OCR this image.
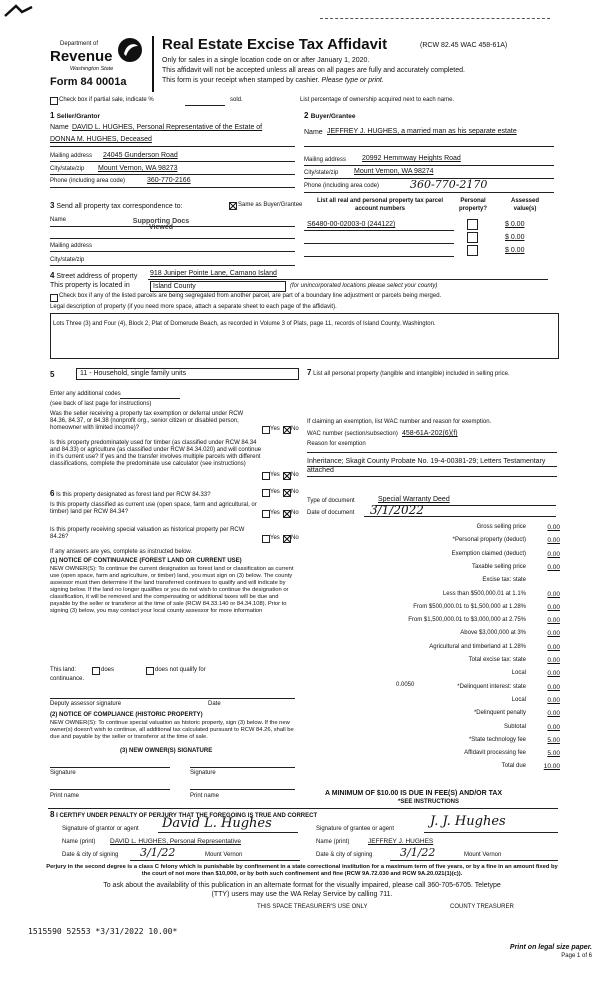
Department of
Revenue
Washington State
Form 84 0001a
Real Estate Excise Tax Affidavit	(RCW 82.45 WAC 458-61A)
Only for sales in a single location code on or after January 1, 2020.
This affidavit will not be accepted unless all areas on all pages are fully and accurately completed.
This form is your receipt when stamped by cashier. Please type or print.
Check box if partial sale, indicate %	sold.	List percentage of ownership acquired next to each name.
1 Seller/Grantor
Name DAVID L. HUGHES, Personal Representative of the Estate of
DONNA M. HUGHES, Deceased
Mailing address 24045 Gunderson Road
City/state/zip Mount Vernon, WA 98273
Phone (including area code)	360-770-2166
2 Buyer/Grantee
Name JEFFREY J. HUGHES, a married man as his separate estate
Mailing address 20992 Hemmway Heights Road
City/state/zip Mount Vernon, WA 98274
Phone (including area code)	360-770-2170
3 Send all property tax correspondence to:	Same as Buyer/Grantee
Name	Supporting Docs Viewed
Mailing address
City/state/zip
List all real and personal property tax parcel account numbers
Personal property?
Assessed value(s)
S6480-00-02003-0 (244122)	$ 0.00
$ 0.00
$ 0.00
4 Street address of property 918 Juniper Pointe Lane, Camano Island
This property is located in	Island County	(for unincorporated locations please select your county)
Check box if any of the listed parcels are being segregated from another parcel, are part of a boundary line adjustment or parcels being merged.
Legal description of property (if you need more space, attach a separate sheet to each page of the affidavit).
Lots Three (3) and Four (4), Block 2, Plat of Domerude Beach, as recorded in Volume 3 of Plats, page 11, records of Island County, Washington.
5	11 - Household, single family units
Enter any additional codes
(see back of last page for instructions)
Was the seller receiving a property tax exemption or deferral under RCW 84.36, 84.37, or 84.38 (nonprofit org., senior citizen or disabled person, homeowner with limited income)?	Yes No
Is this property predominately used for timber (as classified under RCW 84.34 and 84.33) or agriculture (as classified under RCW 84.34.020) and will continue in it's current use? If yes and the transfer involves multiple parcels with different classifications, complete the predominate use calculator (see instructions)
Yes No
6 Is this property designated as forest land per RCW 84.33?	Yes No
Is this property classified as current use (open space, farm and agricultural, or timber) land per RCW 84.34?	Yes No
Is this property receiving special valuation as historical property per RCW 84.26?	Yes No
If any answers are yes, complete as instructed below.
(1) NOTICE OF CONTINUANCE (FOREST LAND OR CURRENT USE)
NEW OWNER(S): To continue the current designation as forest land or classification as current use (open space, farm and agriculture, or timber) land, you must sign on (3) below. The county assessor must then determine if the land transferred continues to qualify and will indicate by signing below. If the land no longer qualifies or you do not wish to continue the designation or classification, it will be removed and the compensating or additional taxes will be due and payable by the seller or transferor at the time of sale (RCW 84.33.140 or 84.34.108). Prior to signing (3) below, you may contact your local county assessor for more information
This land:	does	does not qualify for
continuance.
Deputy assessor signature	Date
(2) NOTICE OF COMPLIANCE (HISTORIC PROPERTY)
NEW OWNER(S): To continue special valuation as historic property, sign (3) below. If the new owner(s) doesn't wish to continue, all additional tax calculated pursuant to RCW 84.26, shall be due and payable by the seller or transferor at the time of sale.
(3) NEW OWNER(S) SIGNATURE
Signature	Signature
Print name	Print name
7 List all personal property (tangible and intangible) included in selling price.
If claiming an exemption, list WAC number and reason for exemption.
WAC number (section/subsection) 458-61A-202(6)(f)
Reason for exemption
Inheritance; Skagit County Probate No. 19-4-00381-29; Letters Testamentary attached
Type of document	Special Warranty Deed
Date of document 3/1/2022
Gross selling price	0.00
*Personal property (deduct)	0.00
Exemption claimed (deduct)	0.00
Taxable selling price	0.00
Excise tax: state
Less than $500,000.01 at 1.1%	0.00
From $500,000.01 to $1,500,000 at 1.28%	0.00
From $1,500,000.01 to $3,000,000 at 2.75%	0.00
Above $3,000,000 at 3%	0.00
Agricultural and timberland at 1.28%	0.00
Total excise tax: state	0.00
Local	0.00
*Delinquent interest: state	0.00
Local	0.00
*Delinquent penalty	0.00
Subtotal	0.00
*State technology fee	5.00
Affidavit processing fee	5.00
Total due	10.00
0.0050
A MINIMUM OF $10.00 IS DUE IN FEE(S) AND/OR TAX
*SEE INSTRUCTIONS
8 I CERTIFY UNDER PENALTY OF PERJURY THAT THE FOREGOING IS TRUE AND CORRECT
Signature of grantor or agent David L. Hughes
Name (print) DAVID L. HUGHES, Personal Representative
Date & city of signing 3/1/22	Mount Vernon
Signature of grantee or agent	J. J. Hughes
Name (print)	JEFFREY J. HUGHES
Date & city of signing	3/1/22	Mount Vernon
Perjury in the second degree is a class C felony which is punishable by confinement in a state correctional institution for a maximum term of five years, or by a fine in an amount fixed by the court of not more than $10,000, or by both such confinement and fine (RCW 9A.72.030 and RCW 9A.20.021(1)(c)).
To ask about the availability of this publication in an alternate format for the visually impaired, please call 360-705-6705. Teletype
(TTY) users may use the WA Relay Service by calling 711.
THIS SPACE TREASURER'S USE ONLY	COUNTY TREASURER
1515590 52553 *3/31/2022 10.00*
Print on legal size paper.
Page 1 of 6
